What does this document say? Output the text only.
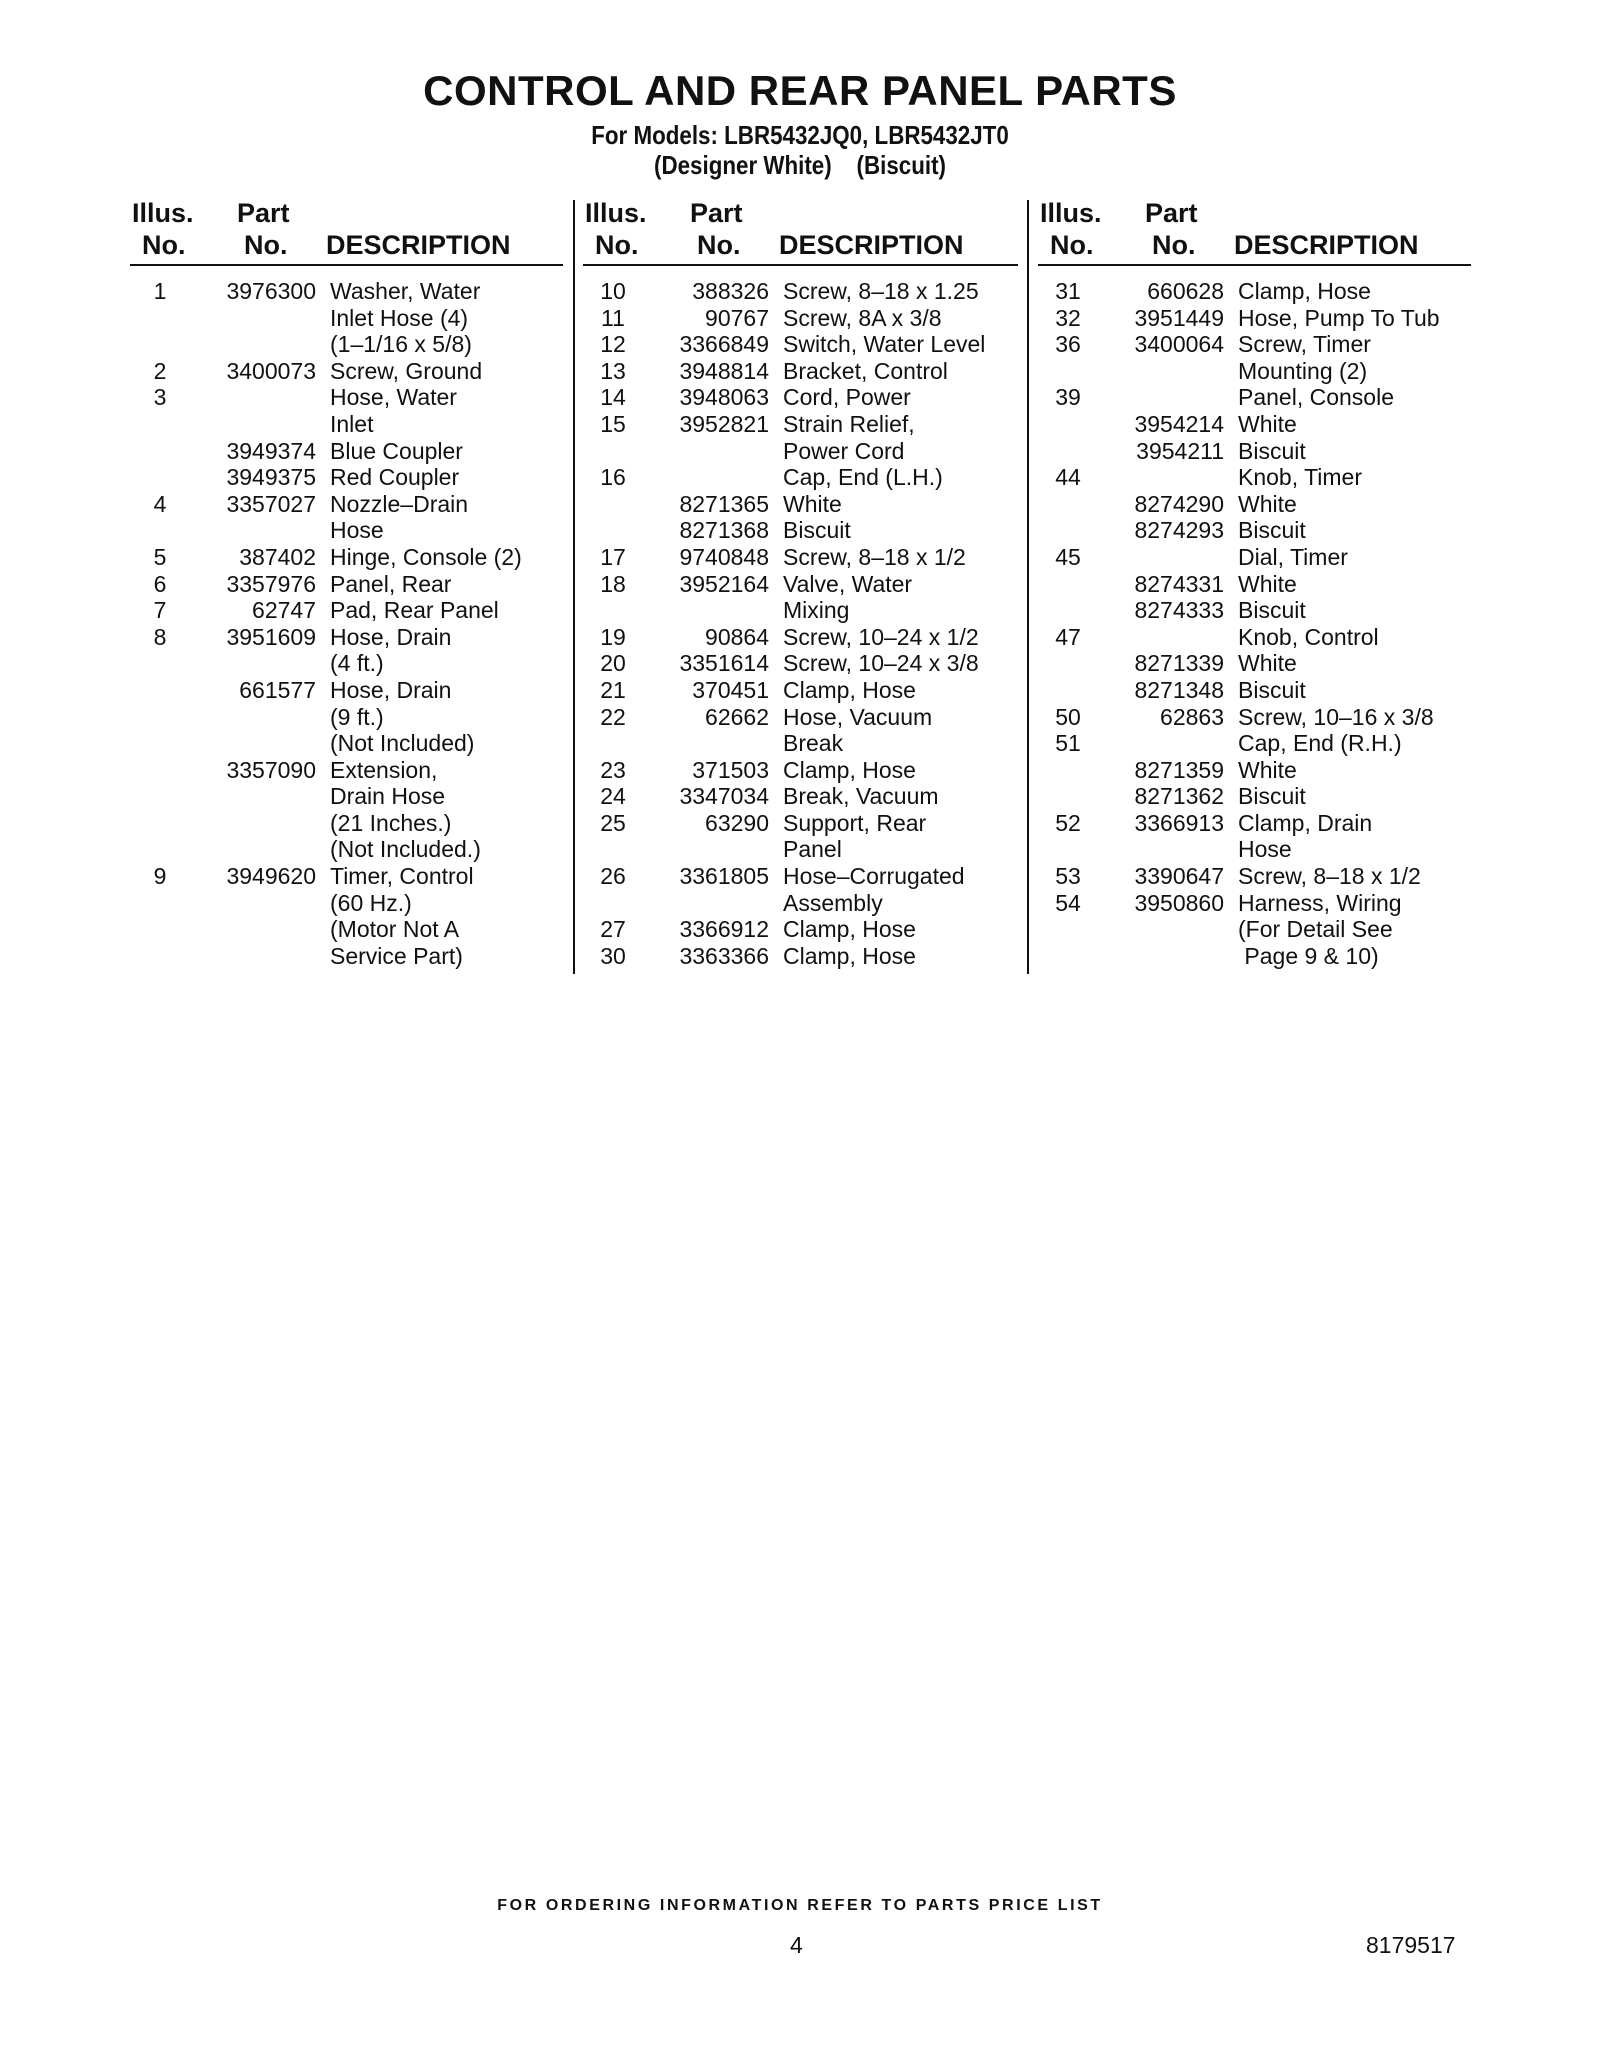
CONTROL AND REAR PANEL PARTS
For Models: LBR5432JQ0, LBR5432JT0
(Designer White)    (Biscuit)
Illus.
No.
Part
No. DESCRIPTION
1	3976300 Washer, Water
Inlet Hose (4)
(1–1/16 x 5/8)
2	3400073 Screw, Ground
3	Hose, Water
Inlet
3949374 Blue Coupler
3949375 Red Coupler
4	3357027 Nozzle–Drain
Hose
5	387402 Hinge, Console (2)
6	3357976 Panel, Rear
7	62747 Pad, Rear Panel
8	3951609 Hose, Drain
(4 ft.)
661577 Hose, Drain
(9 ft.)
(Not Included)
3357090 Extension,
Drain Hose
(21 Inches.)
(Not Included.)
9	3949620 Timer, Control
(60 Hz.)
(Motor Not A
Service Part)
Illus.
No.
Part
No. DESCRIPTION
10	388326 Screw, 8–18 x 1.25
11	90767 Screw, 8A x 3/8
12	3366849 Switch, Water Level
13	3948814 Bracket, Control
14	3948063 Cord, Power
15	3952821 Strain Relief,
Power Cord
16	Cap, End (L.H.)
8271365 White
8271368 Biscuit
17	9740848 Screw, 8–18 x 1/2
18	3952164 Valve, Water
Mixing
19	90864 Screw, 10–24 x 1/2
20	3351614 Screw, 10–24 x 3/8
21	370451 Clamp, Hose
22	62662 Hose, Vacuum
Break
23	371503 Clamp, Hose
24	3347034 Break, Vacuum
25	63290 Support, Rear
Panel
26	3361805 Hose–Corrugated
Assembly
27	3366912 Clamp, Hose
30	3363366 Clamp, Hose
Illus.
No.
Part
No. DESCRIPTION
31	660628 Clamp, Hose
32	3951449 Hose, Pump To Tub
36	3400064 Screw, Timer
Mounting (2)
39	Panel, Console
3954214 White
3954211 Biscuit
44	Knob, Timer
8274290 White
8274293 Biscuit
45	Dial, Timer
8274331 White
8274333 Biscuit
47	Knob, Control
8271339 White
8271348 Biscuit
50	62863 Screw, 10–16 x 3/8
51	Cap, End (R.H.)
8271359 White
8271362 Biscuit
52	3366913 Clamp, Drain
Hose
53	3390647 Screw, 8–18 x 1/2
54	3950860 Harness, Wiring
(For Detail See
Page 9 & 10)
FOR ORDERING INFORMATION REFER TO PARTS PRICE LIST
4	8179517
